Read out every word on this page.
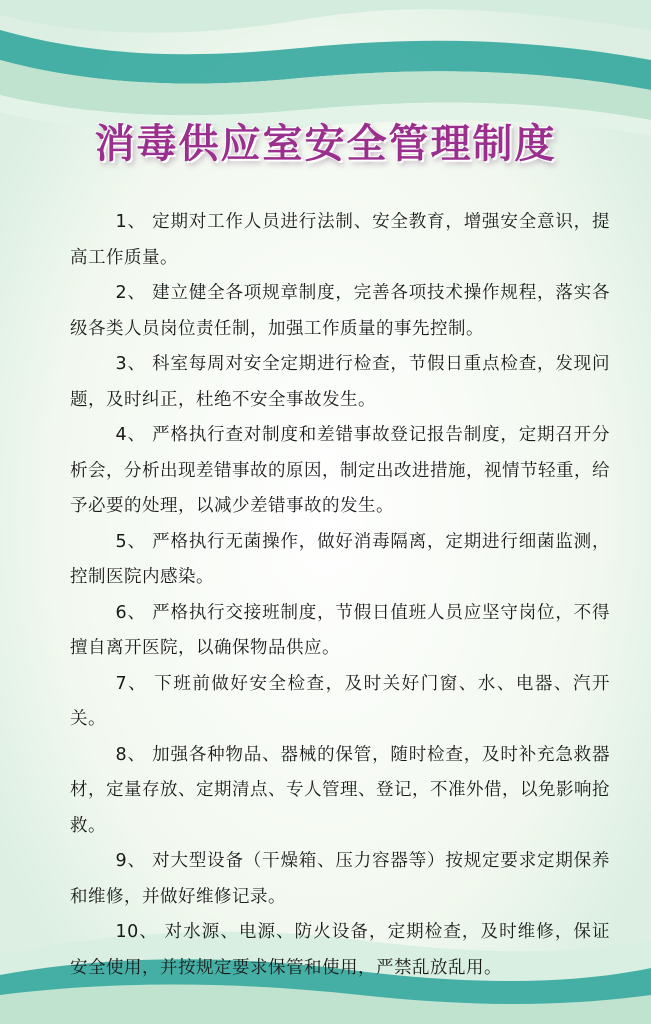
消毒供应室安全管理制度
1、 定期对工作人员进行法制、安全教育，增强安全意识，提高工作质量。
2、 建立健全各项规章制度，完善各项技术操作规程，落实各级各类人员岗位责任制，加强工作质量的事先控制。
3、 科室每周对安全定期进行检查，节假日重点检查，发现问题，及时纠正，杜绝不安全事故发生。
4、 严格执行查对制度和差错事故登记报告制度，定期召开分析会，分析出现差错事故的原因，制定出改进措施，视情节轻重，给予必要的处理，以减少差错事故的发生。
5、 严格执行无菌操作，做好消毒隔离，定期进行细菌监测，控制医院内感染。
6、 严格执行交接班制度，节假日值班人员应坚守岗位，不得擅自离开医院，以确保物品供应。
7、 下班前做好安全检查，及时关好门窗、水、电器、汽开关。
8、 加强各种物品、器械的保管，随时检查，及时补充急救器材，定量存放、定期清点、专人管理、登记，不准外借，以免影响抢救。
9、 对大型设备（干燥箱、压力容器等）按规定要求定期保养和维修，并做好维修记录。
10、 对水源、电源、防火设备，定期检查，及时维修，保证安全使用，并按规定要求保管和使用，严禁乱放乱用。
